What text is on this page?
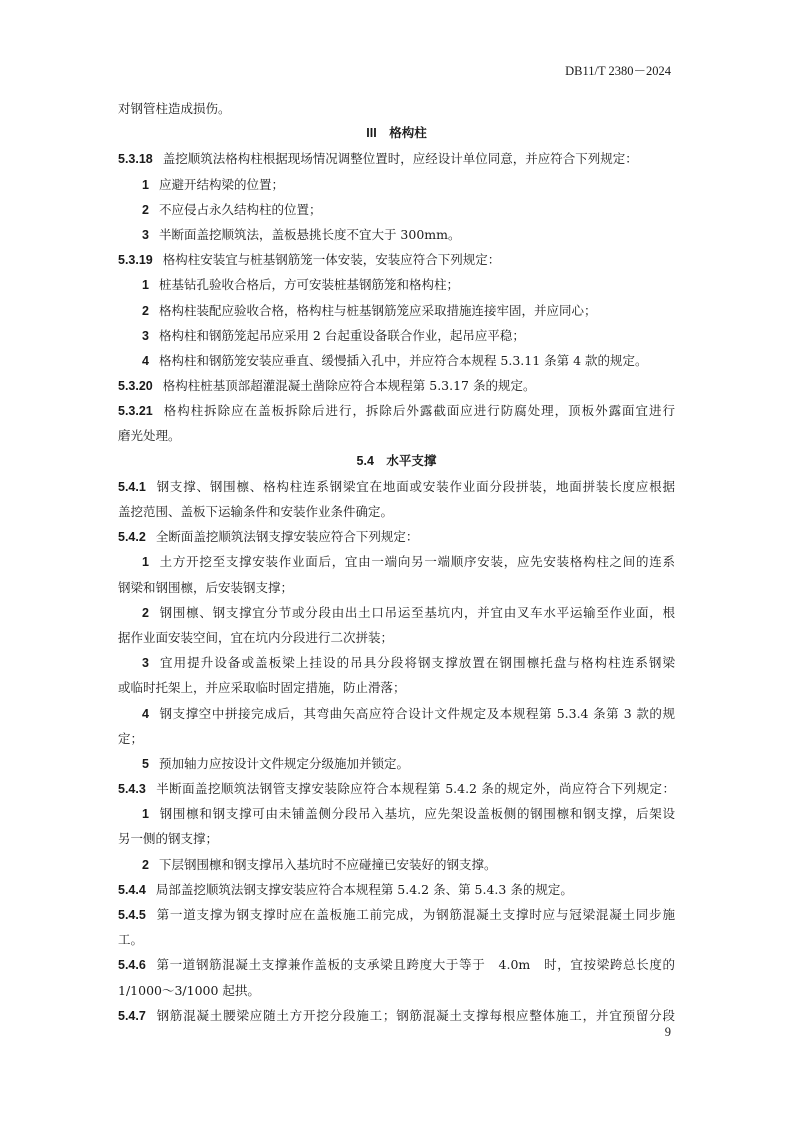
DB11/T 2380－2024
对钢管柱造成损伤。
III　格构柱
5.3.18 盖挖顺筑法格构柱根据现场情况调整位置时，应经设计单位同意，并应符合下列规定：
1 应避开结构梁的位置；
2 不应侵占永久结构柱的位置；
3 半断面盖挖顺筑法，盖板悬挑长度不宜大于 300mm。
5.3.19 格构柱安装宜与桩基钢筋笼一体安装，安装应符合下列规定：
1 桩基钻孔验收合格后，方可安装桩基钢筋笼和格构柱；
2 格构柱装配应验收合格，格构柱与桩基钢筋笼应采取措施连接牢固，并应同心；
3 格构柱和钢筋笼起吊应采用 2 台起重设备联合作业，起吊应平稳；
4 格构柱和钢筋笼安装应垂直、缓慢插入孔中，并应符合本规程 5.3.11 条第 4 款的规定。
5.3.20 格构柱桩基顶部超灌混凝土凿除应符合本规程第 5.3.17 条的规定。
5.3.21 格构柱拆除应在盖板拆除后进行，拆除后外露截面应进行防腐处理，顶板外露面宜进行
磨光处理。
5.4　水平支撑
5.4.1 钢支撑、钢围檩、格构柱连系钢梁宜在地面或安装作业面分段拼装，地面拼装长度应根据
盖挖范围、盖板下运输条件和安装作业条件确定。
5.4.2 全断面盖挖顺筑法钢支撑安装应符合下列规定：
1 土方开挖至支撑安装作业面后，宜由一端向另一端顺序安装，应先安装格构柱之间的连系
钢梁和钢围檩，后安装钢支撑；
2 钢围檩、钢支撑宜分节或分段由出土口吊运至基坑内，并宜由叉车水平运输至作业面，根
据作业面安装空间，宜在坑内分段进行二次拼装；
3 宜用提升设备或盖板梁上挂设的吊具分段将钢支撑放置在钢围檩托盘与格构柱连系钢梁
或临时托架上，并应采取临时固定措施，防止滑落；
4 钢支撑空中拼接完成后，其弯曲矢高应符合设计文件规定及本规程第 5.3.4 条第 3 款的规
定；
5 预加轴力应按设计文件规定分级施加并锁定。
5.4.3 半断面盖挖顺筑法钢管支撑安装除应符合本规程第 5.4.2 条的规定外，尚应符合下列规定：
1 钢围檩和钢支撑可由未铺盖侧分段吊入基坑，应先架设盖板侧的钢围檩和钢支撑，后架设
另一侧的钢支撑；
2 下层钢围檩和钢支撑吊入基坑时不应碰撞已安装好的钢支撑。
5.4.4 局部盖挖顺筑法钢支撑安装应符合本规程第 5.4.2 条、第 5.4.3 条的规定。
5.4.5 第一道支撑为钢支撑时应在盖板施工前完成，为钢筋混凝土支撑时应与冠梁混凝土同步施
工。
5.4.6 第一道钢筋混凝土支撑兼作盖板的支承梁且跨度大于等于　4.0m　时，宜按梁跨总长度的
1/1000～3/1000 起拱。
5.4.7 钢筋混凝土腰梁应随土方开挖分段施工；钢筋混凝土支撑每根应整体施工，并宜预留分段
9
